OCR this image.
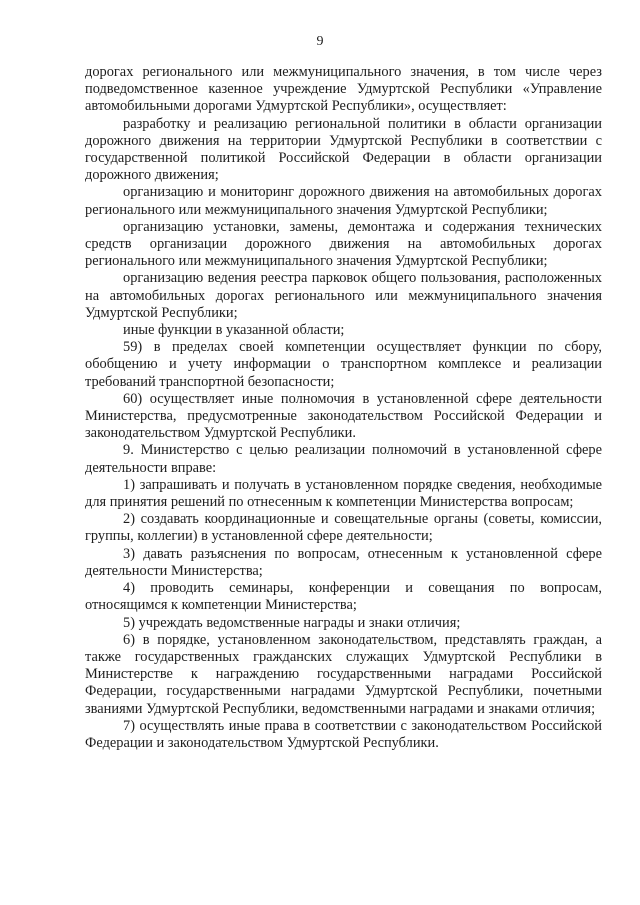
9

дорогах регионального или межмуниципального значения, в том числе через подведомственное казенное учреждение Удмуртской Республики «Управление автомобильными дорогами Удмуртской Республики», осуществляет:

разработку и реализацию региональной политики в области организации дорожного движения на территории Удмуртской Республики в соответствии с государственной политикой Российской Федерации в области организации дорожного движения;

организацию и мониторинг дорожного движения на автомобильных дорогах регионального или межмуниципального значения Удмуртской Республики;

организацию установки, замены, демонтажа и содержания технических средств организации дорожного движения на автомобильных дорогах регионального или межмуниципального значения Удмуртской Республики;

организацию ведения реестра парковок общего пользования, расположенных на автомобильных дорогах регионального или межмуниципального значения Удмуртской Республики;

иные функции в указанной области;

59) в пределах своей компетенции осуществляет функции по сбору, обобщению и учету информации о транспортном комплексе и реализации требований транспортной безопасности;

60) осуществляет иные полномочия в установленной сфере деятельности Министерства, предусмотренные законодательством Российской Федерации и законодательством Удмуртской Республики.

9. Министерство с целью реализации полномочий в установленной сфере деятельности вправе:

1) запрашивать и получать в установленном порядке сведения, необходимые для принятия решений по отнесенным к компетенции Министерства вопросам;

2) создавать координационные и совещательные органы (советы, комиссии, группы, коллегии) в установленной сфере деятельности;

3) давать разъяснения по вопросам, отнесенным к установленной сфере деятельности Министерства;

4) проводить семинары, конференции и совещания по вопросам, относящимся к компетенции Министерства;

5) учреждать ведомственные награды и знаки отличия;

6) в порядке, установленном законодательством, представлять граждан, а также государственных гражданских служащих Удмуртской Республики в Министерстве к награждению государственными наградами Российской Федерации, государственными наградами Удмуртской Республики, почетными званиями Удмуртской Республики, ведомственными наградами и знаками отличия;

7) осуществлять иные права в соответствии с законодательством Российской Федерации и законодательством Удмуртской Республики.
